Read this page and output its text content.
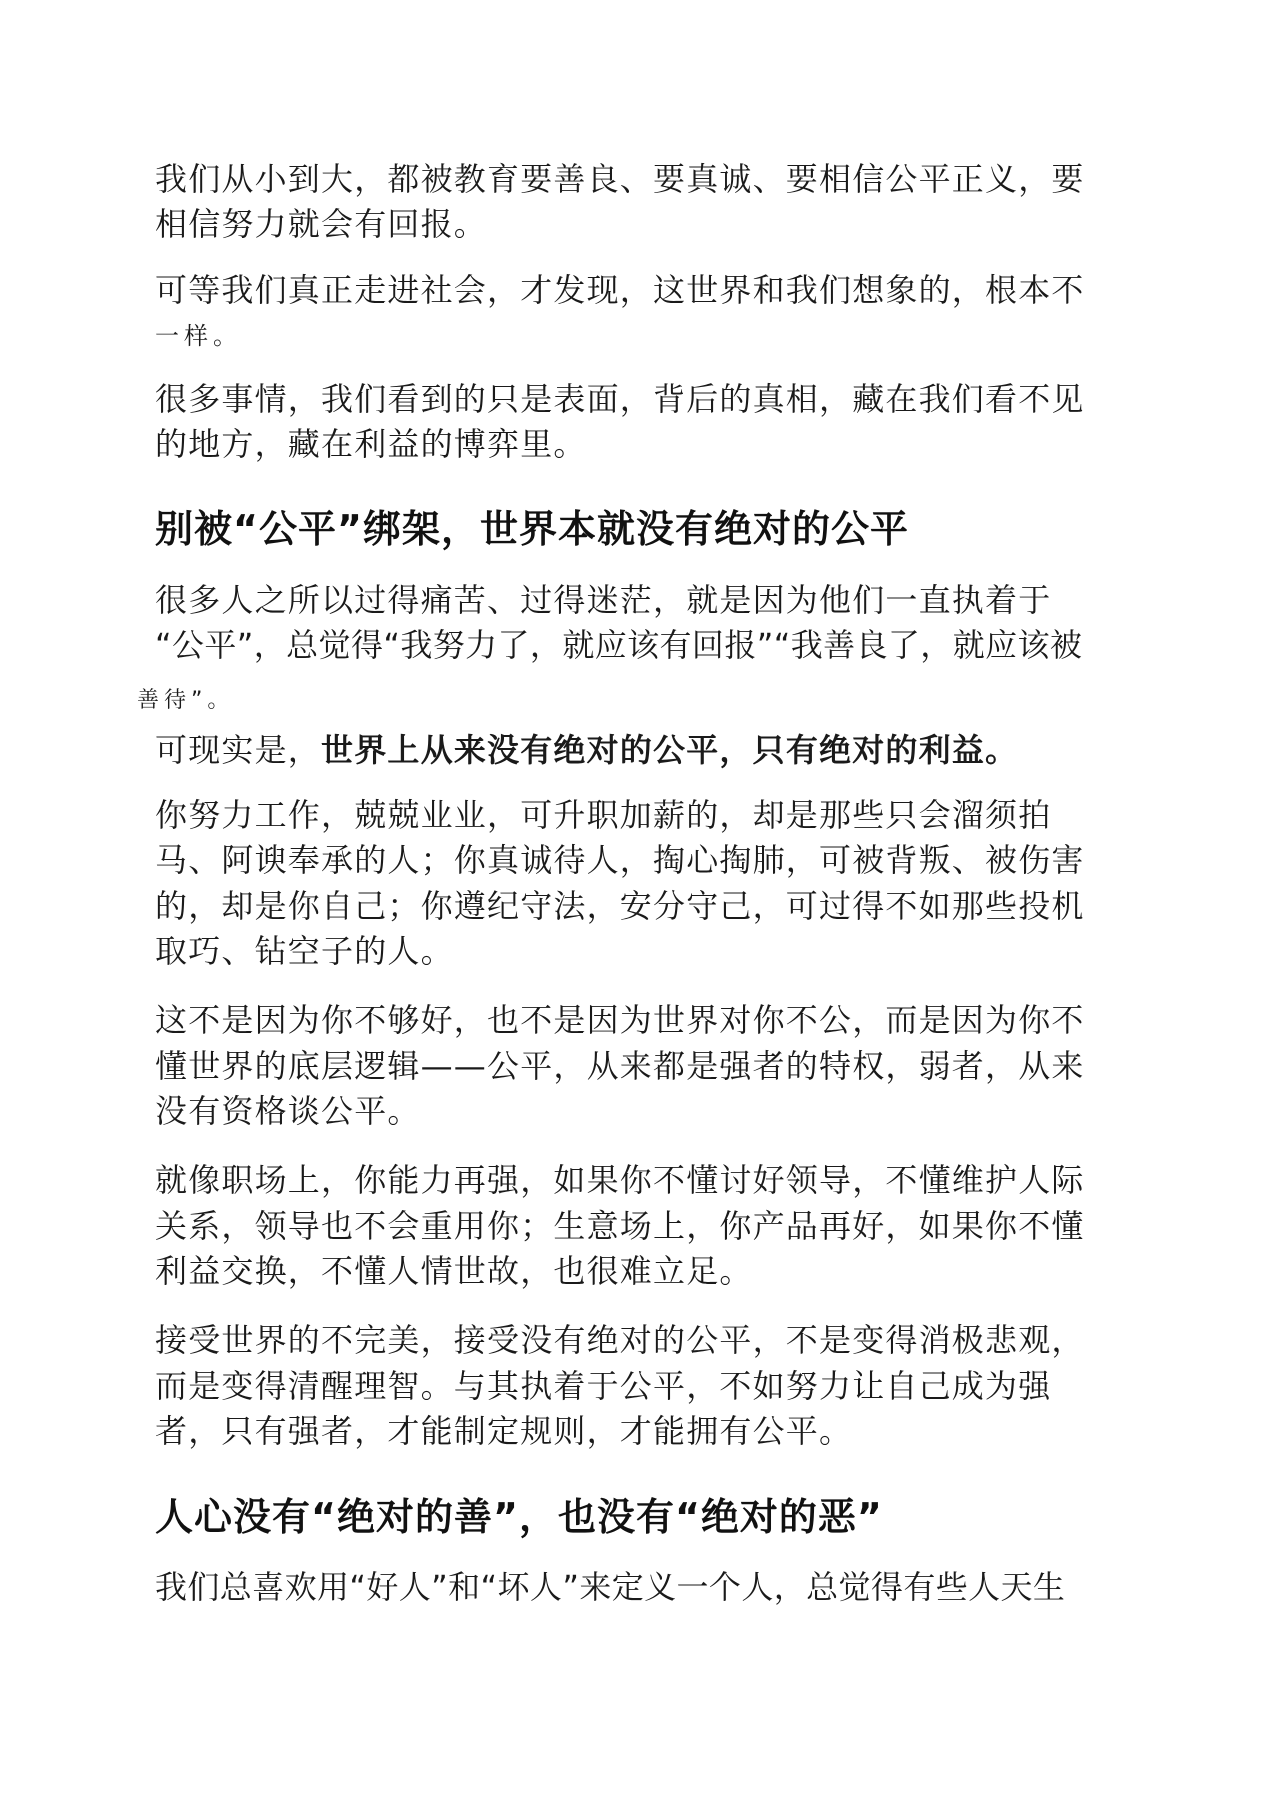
我们从小到大，都被教育要善良、要真诚、要相信公平正义，要
相信努力就会有回报。
可等我们真正走进社会，才发现，这世界和我们想象的，根本不
一样。
很多事情，我们看到的只是表面，背后的真相，藏在我们看不见
的地方，藏在利益的博弈里。
别被“公平”绑架，世界本就没有绝对的公平
很多人之所以过得痛苦、过得迷茫，就是因为他们一直执着于
“公平”，总觉得“我努力了，就应该有回报”“我善良了，就应该被
善待”。
可现实是，世界上从来没有绝对的公平，只有绝对的利益。
你努力工作，兢兢业业，可升职加薪的，却是那些只会溜须拍
马、阿谀奉承的人；你真诚待人，掏心掏肺，可被背叛、被伤害
的，却是你自己；你遵纪守法，安分守己，可过得不如那些投机
取巧、钻空子的人。
这不是因为你不够好，也不是因为世界对你不公，而是因为你不
懂世界的底层逻辑——公平，从来都是强者的特权，弱者，从来
没有资格谈公平。
就像职场上，你能力再强，如果你不懂讨好领导，不懂维护人际
关系，领导也不会重用你；生意场上，你产品再好，如果你不懂
利益交换，不懂人情世故，也很难立足。
接受世界的不完美，接受没有绝对的公平，不是变得消极悲观，
而是变得清醒理智。与其执着于公平，不如努力让自己成为强
者，只有强者，才能制定规则，才能拥有公平。
人心没有“绝对的善”，也没有“绝对的恶”
我们总喜欢用“好人”和“坏人”来定义一个人，总觉得有些人天生
